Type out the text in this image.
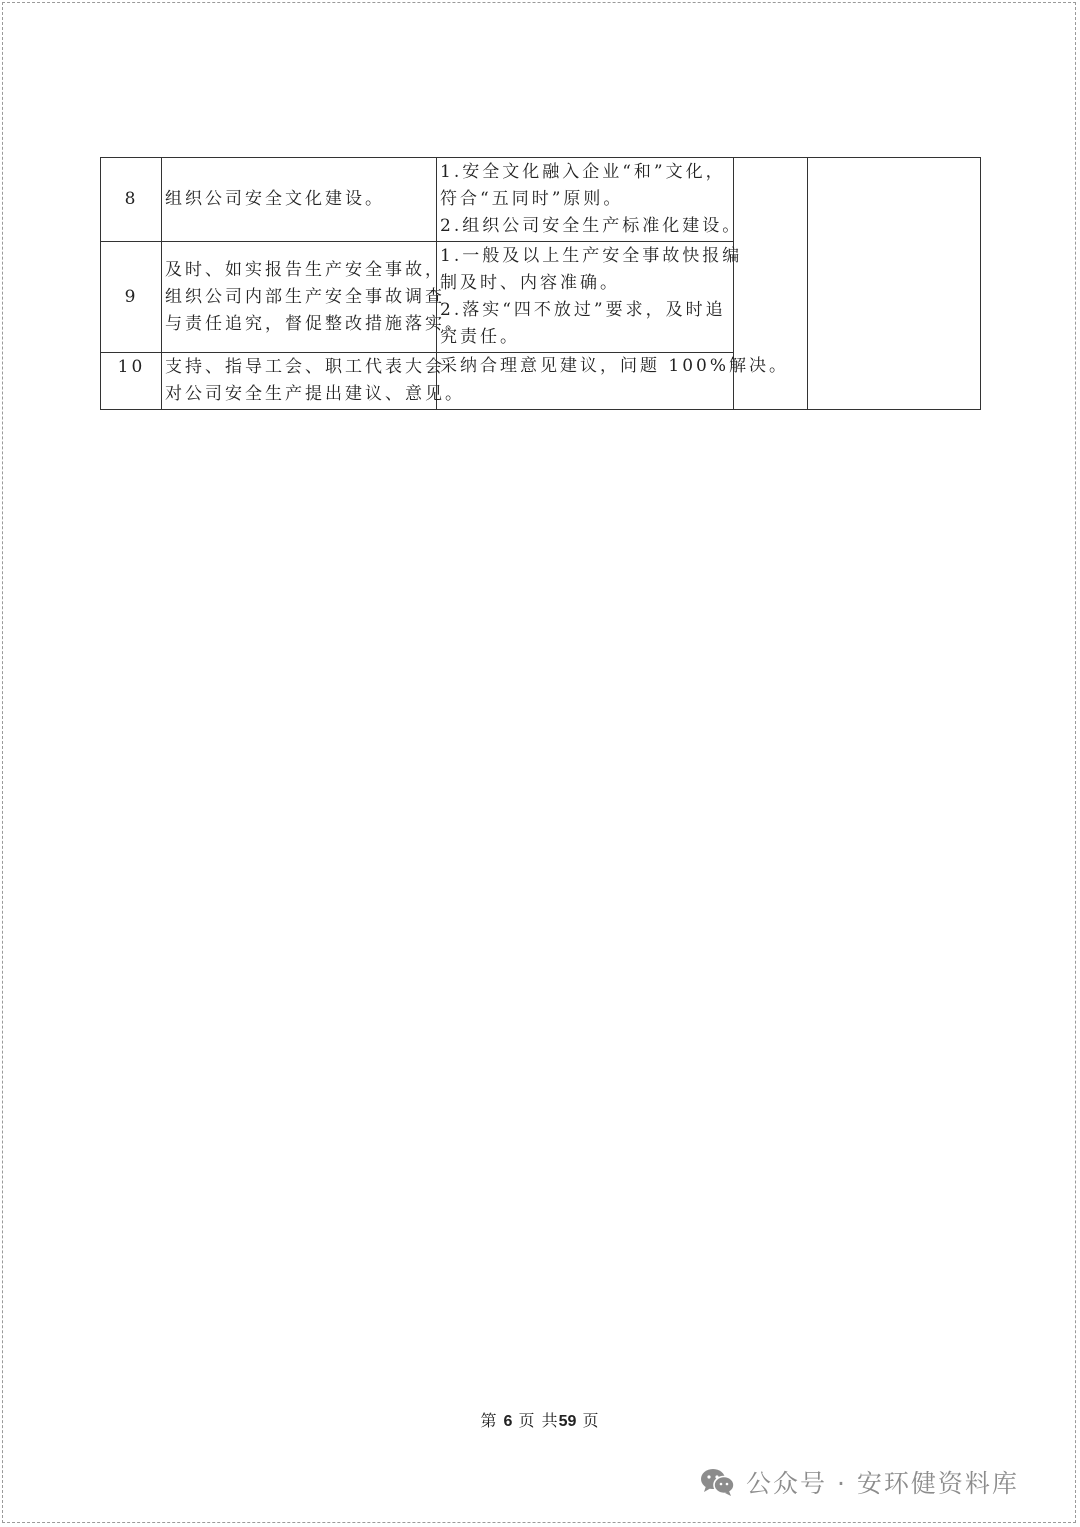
8	组织公司安全文化建设。	1.安全文化融入企业“和”文化，
符合“五同时”原则。
2.组织公司安全生产标准化建设。		

9	及时、如实报告生产安全事故，
组织公司内部生产安全事故调查
与责任追究，督促整改措施落实。	1.一般及以上生产安全事故快报编
制及时、内容准确。
2.落实“四不放过”要求，及时追
究责任。		

10	支持、指导工会、职工代表大会
对公司安全生产提出建议、意见。	采纳合理意见建议，问题 100%解决。		
第 6 页 共59 页
公众号 · 安环健资料库
